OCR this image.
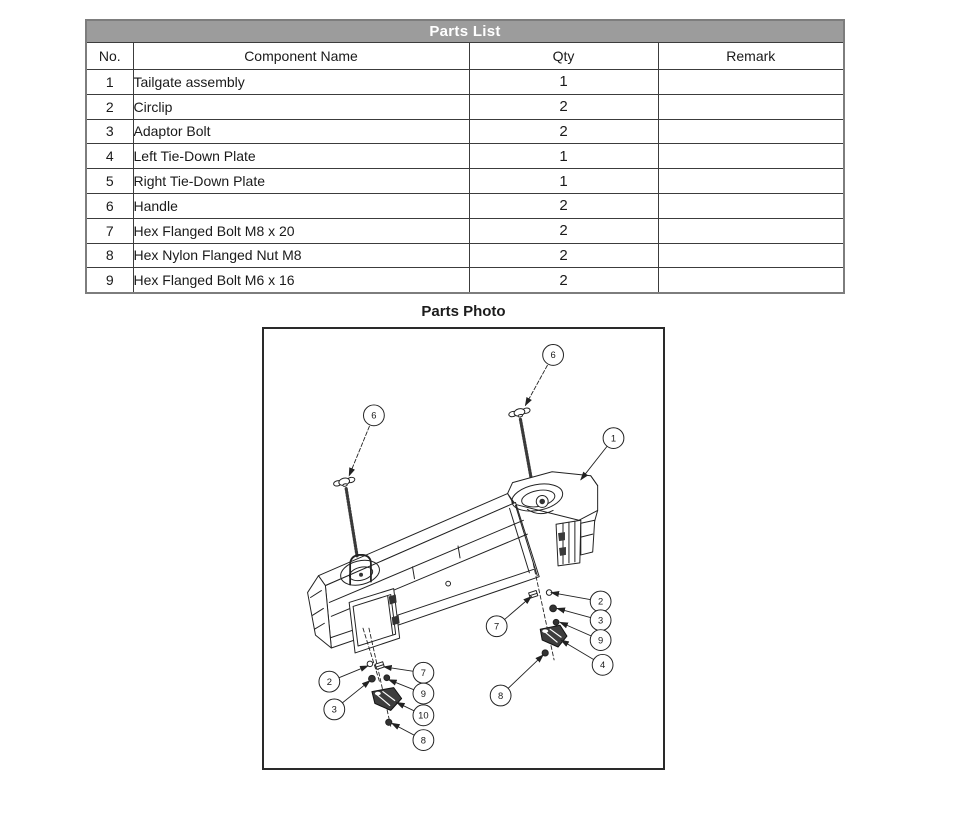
Parts List			
No.	Component Name	Qty	Remark
1	Tailgate assembly	1	
2	Circlip	2	
3	Adaptor Bolt	2	
4	Left Tie-Down Plate	1	
5	Right Tie-Down Plate	1	
6	Handle	2	
7	Hex Flanged Bolt M8 x 20	2	
8	Hex Nylon Flanged Nut M8	2	
9	Hex Flanged Bolt M6 x 16	2	
Parts Photo
6
6
1
2
3
9
4
7
8
2
7
9
3
10
8
